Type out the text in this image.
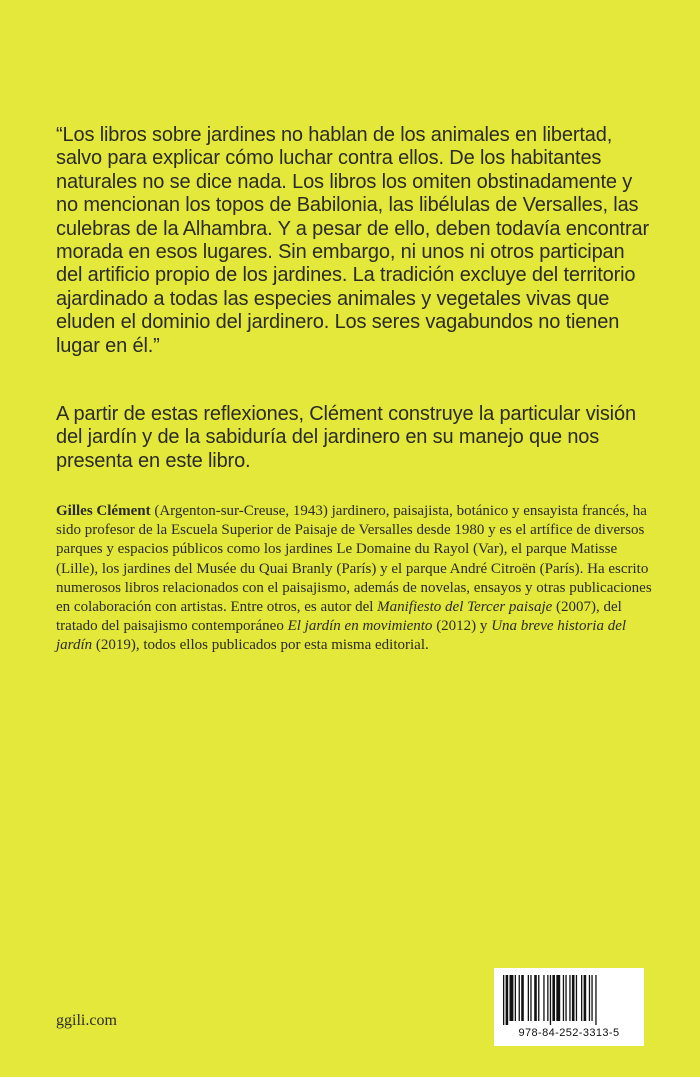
“Los libros sobre jardines no hablan de los animales en libertad, salvo para explicar cómo luchar contra ellos. De los habitantes naturales no se dice nada. Los libros los omiten obstinadamente y no mencionan los topos de Babilonia, las libélulas de Versalles, las culebras de la Alhambra. Y a pesar de ello, deben todavía encontrar morada en esos lugares. Sin embargo, ni unos ni otros participan del artificio propio de los jardines. La tradición excluye del territorio ajardinado a todas las especies animales y vegetales vivas que eluden el dominio del jardinero. Los seres vagabundos no tienen lugar en él.”

A partir de estas reflexiones, Clément construye la particular visión del jardín y de la sabiduría del jardinero en su manejo que nos presenta en este libro.

Gilles Clément (Argenton-sur-Creuse, 1943) jardinero, paisajista, botánico y ensayista francés, ha sido profesor de la Escuela Superior de Paisaje de Versalles desde 1980 y es el artífice de diversos parques y espacios públicos como los jardines Le Domaine du Rayol (Var), el parque Matisse (Lille), los jardines del Musée du Quai Branly (París) y el parque André Citroën (París). Ha escrito numerosos libros relacionados con el paisajismo, además de novelas, ensayos y otras publicaciones en colaboración con artistas. Entre otros, es autor del Manifiesto del Tercer paisaje (2007), del tratado del paisajismo contemporáneo El jardín en movimiento (2012) y Una breve historia del jardín (2019), todos ellos publicados por esta misma editorial.

ggili.com

978-84-252-3313-5
